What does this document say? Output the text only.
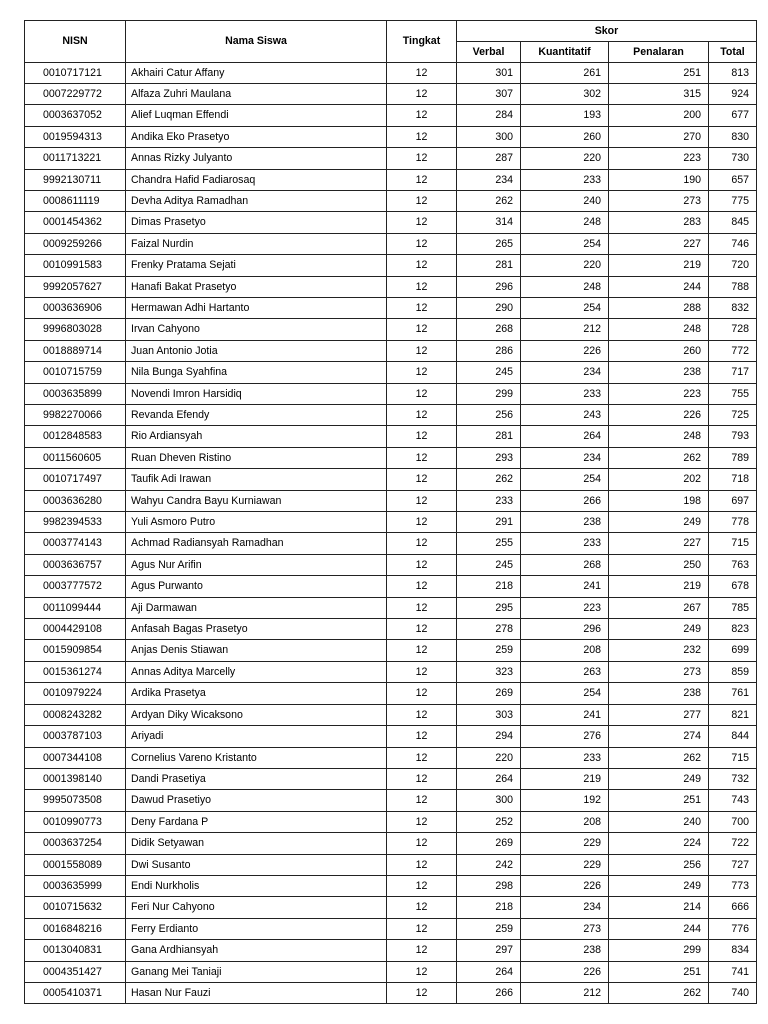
NISN	Nama Siswa	Tingkat	Skor			
			Verbal	Kuantitatif	Penalaran	Total
0010717121	Akhairi Catur Affany	12	301	261	251	813
0007229772	Alfaza Zuhri Maulana	12	307	302	315	924
0003637052	Alief Luqman Effendi	12	284	193	200	677
0019594313	Andika Eko Prasetyo	12	300	260	270	830
0011713221	Annas Rizky Julyanto	12	287	220	223	730
9992130711	Chandra Hafid Fadiarosaq	12	234	233	190	657
0008611119	Devha Aditya Ramadhan	12	262	240	273	775
0001454362	Dimas Prasetyo	12	314	248	283	845
0009259266	Faizal Nurdin	12	265	254	227	746
0010991583	Frenky Pratama Sejati	12	281	220	219	720
9992057627	Hanafi Bakat Prasetyo	12	296	248	244	788
0003636906	Hermawan Adhi Hartanto	12	290	254	288	832
9996803028	Irvan Cahyono	12	268	212	248	728
0018889714	Juan Antonio Jotia	12	286	226	260	772
0010715759	Nila Bunga Syahfina	12	245	234	238	717
0003635899	Novendi Imron Harsidiq	12	299	233	223	755
9982270066	Revanda Efendy	12	256	243	226	725
0012848583	Rio Ardiansyah	12	281	264	248	793
0011560605	Ruan Dheven Ristino	12	293	234	262	789
0010717497	Taufik Adi Irawan	12	262	254	202	718
0003636280	Wahyu Candra Bayu Kurniawan	12	233	266	198	697
9982394533	Yuli Asmoro Putro	12	291	238	249	778
0003774143	Achmad Radiansyah Ramadhan	12	255	233	227	715
0003636757	Agus Nur Arifin	12	245	268	250	763
0003777572	Agus Purwanto	12	218	241	219	678
0011099444	Aji Darmawan	12	295	223	267	785
0004429108	Anfasah Bagas Prasetyo	12	278	296	249	823
0015909854	Anjas Denis Stiawan	12	259	208	232	699
0015361274	Annas Aditya Marcelly	12	323	263	273	859
0010979224	Ardika Prasetya	12	269	254	238	761
0008243282	Ardyan Diky Wicaksono	12	303	241	277	821
0003787103	Ariyadi	12	294	276	274	844
0007344108	Cornelius Vareno Kristanto	12	220	233	262	715
0001398140	Dandi Prasetiya	12	264	219	249	732
9995073508	Dawud Prasetiyo	12	300	192	251	743
0010990773	Deny Fardana P	12	252	208	240	700
0003637254	Didik Setyawan	12	269	229	224	722
0001558089	Dwi Susanto	12	242	229	256	727
0003635999	Endi Nurkholis	12	298	226	249	773
0010715632	Feri Nur Cahyono	12	218	234	214	666
0016848216	Ferry Erdianto	12	259	273	244	776
0013040831	Gana Ardhiansyah	12	297	238	299	834
0004351427	Ganang Mei Taniaji	12	264	226	251	741
0005410371	Hasan Nur Fauzi	12	266	212	262	740
